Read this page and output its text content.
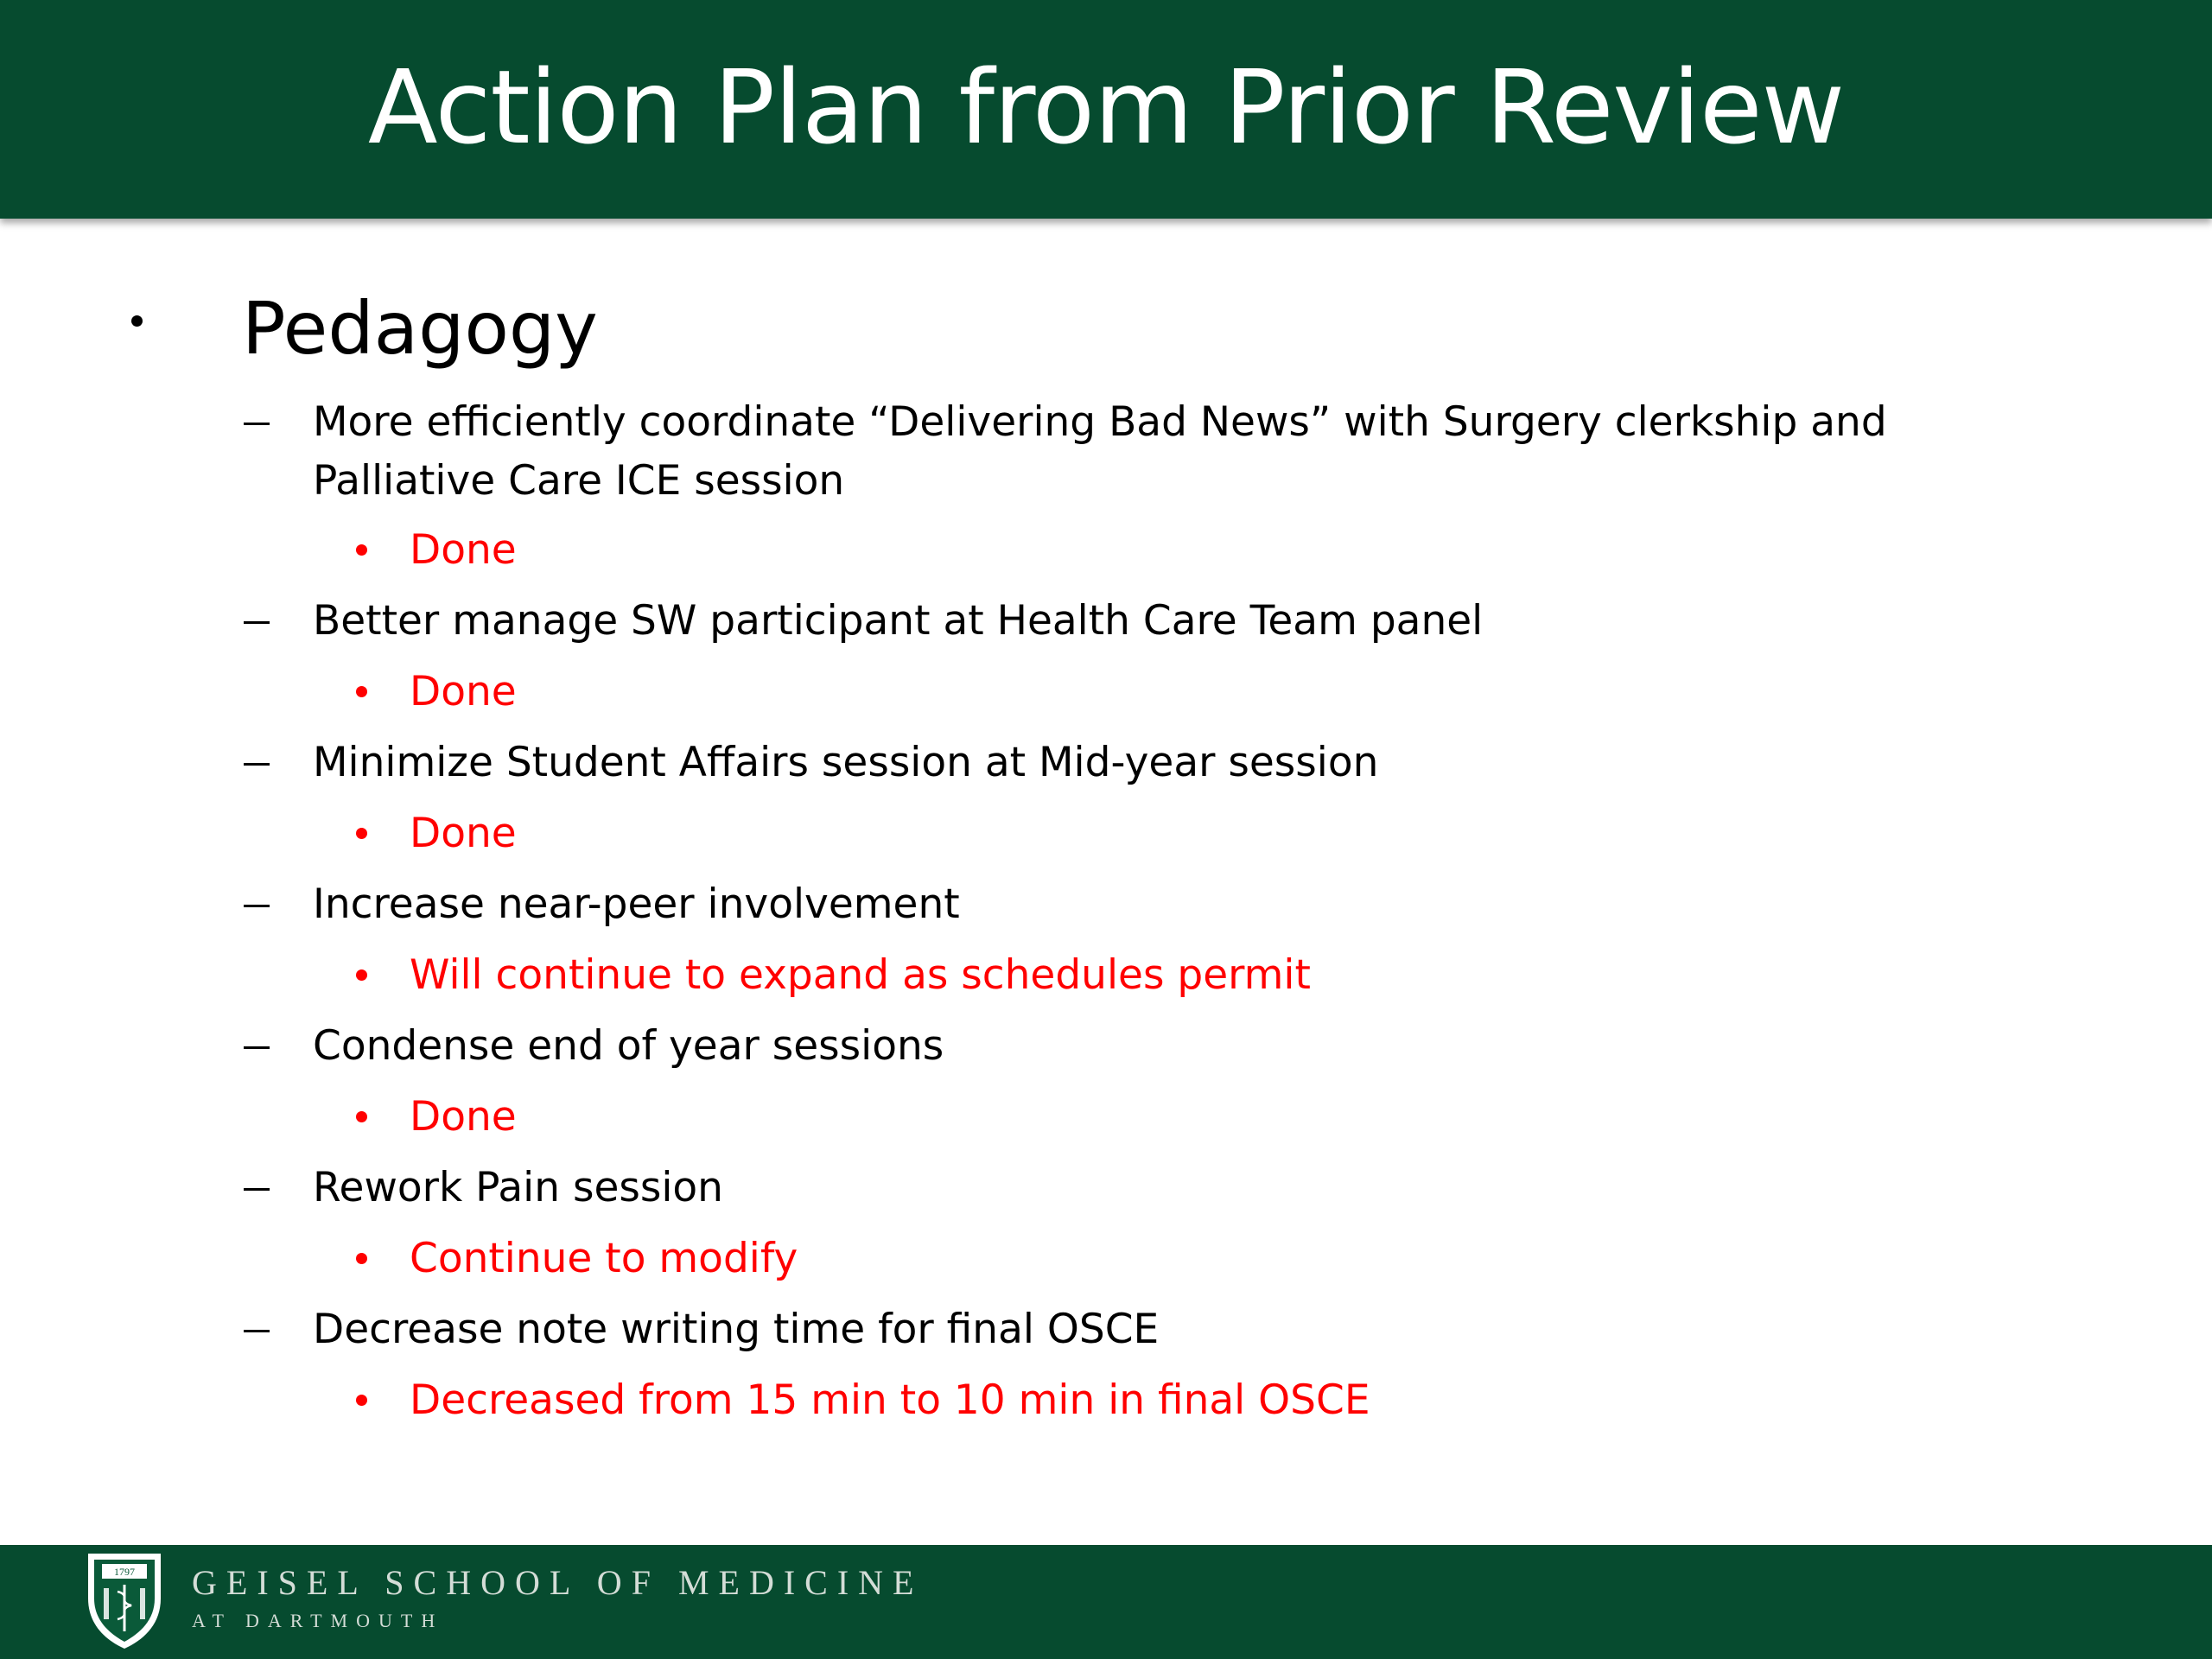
Action Plan from Prior Review
Pedagogy
More efficiently coordinate “Delivering Bad News” with Surgery clerkship and Palliative Care ICE session
Done
Better manage SW participant at Health Care Team panel
Done
Minimize Student Affairs session at Mid-year session
Done
Increase near-peer involvement
Will continue to expand as schedules permit
Condense end of year sessions
Done
Rework Pain session
Continue to modify
Decrease note writing time for final OSCE
Decreased from 15 min to 10 min in final OSCE
1797 GEISEL SCHOOL OF MEDICINE
AT DARTMOUTH
